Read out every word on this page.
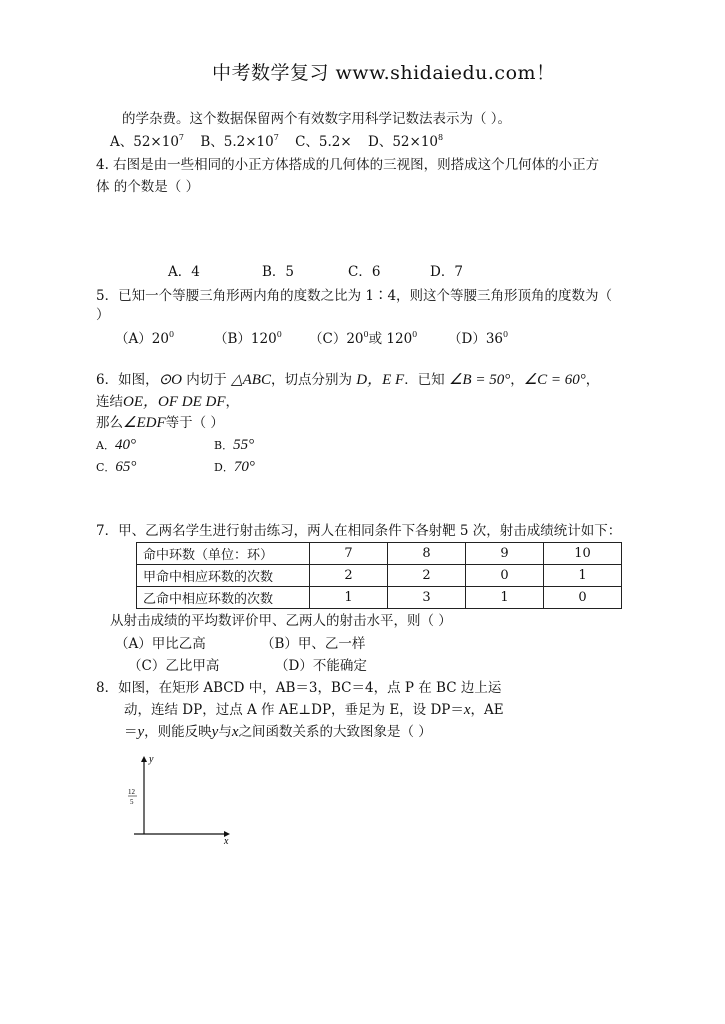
中考数学复习 www.shidaiedu.com！
的学杂费。这个数据保留两个有效数字用科学记数法表示为（ ）。
A、$52\times 10^7$ B、$5.2\times 10^7$ C、5.2× D、$52\times 10^8$
4. 右图是由一些相同的小正方体搭成的几何体的三视图，则搭成这个几何体的小正方
体 的个数是（ ）
A．4	B．5	C．6	D．7
5．已知一个等腰三角形两内角的度数之比为 1∶4，则这个等腰三角形顶角的度数为（
）
$(A)20^0$	$(B)120^0$ $(C)20^0$或 $120^0$ $(D)36^0$
6．如图，⊙O 内切于 △ABC，切点分别为 D，E F．已知 ∠B = 50°，∠C = 60°，
连结OE，OF DE DF，
那么∠EDF等于（ ）
A．40°	B．55°
C．65°	D．70°
7．甲、乙两名学生进行射击练习，两人在相同条件下各射靶 5 次，射击成绩统计如下：
命中环数（单位：环）	7	8	9	10
甲命中相应环数的次数	2	2	0	1
乙命中相应环数的次数	1	3	1	0
从射击成绩的平均数评价甲、乙两人的射击水平，则（ ）
（A）甲比乙高	（B）甲、乙一样
（C）乙比甲高	（D）不能确定
8．如图，在矩形 ABCD 中，AB＝3，BC＝4，点 P 在 BC 边上运
动，连结 DP，过点 A 作 AE⊥DP，垂足为 E，设 DP＝x，AE
＝y，则能反映y与x之间函数关系的大致图象是（ ）
y
x
12
5
